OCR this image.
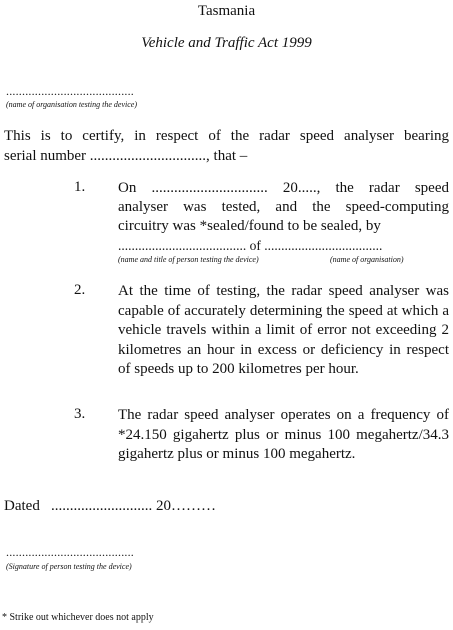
Tasmania
Vehicle and Traffic Act 1999
........................................
(name of organisation testing the device)
This is to certify, in respect of the radar speed analyser bearing
serial number ..............................., that –
1. On ............................... 20....., the radar speed
analyser was tested, and the speed-computing
circuitry was *sealed/found to be sealed, by
...................................... of ...................................
(name and title of person testing the device)	(name of organisation)
2. At the time of testing, the radar speed analyser was capable of accurately determining the speed at which a vehicle travels within a limit of error not exceeding 2 kilometres an hour in excess or deficiency in respect of speeds up to 200 kilometres per hour.
3. The radar speed analyser operates on a frequency of *24.150 gigahertz plus or minus 100 megahertz/34.3 gigahertz plus or minus 100 megahertz.
Dated ........................... 20………
........................................
(Signature of person testing the device)
* Strike out whichever does not apply
